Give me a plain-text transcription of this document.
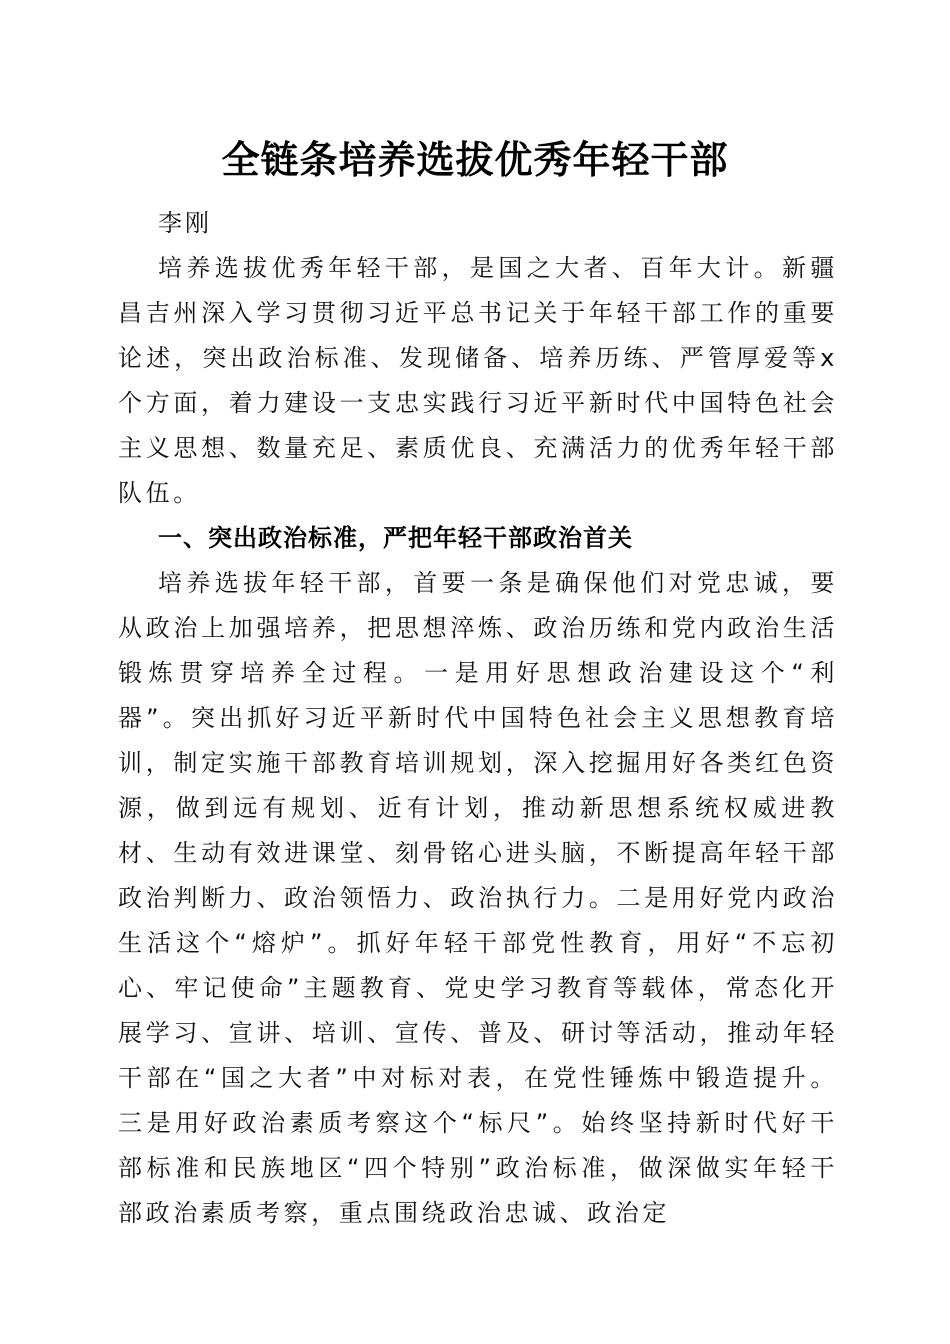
全链条培养选拔优秀年轻干部

李刚

培养选拔优秀年轻干部，是国之大者、百年大计。新疆昌吉州深入学习贯彻习近平总书记关于年轻干部工作的重要论述，突出政治标准、发现储备、培养历练、严管厚爱等x个方面，着力建设一支忠实践行习近平新时代中国特色社会主义思想、数量充足、素质优良、充满活力的优秀年轻干部队伍。

一、突出政治标准，严把年轻干部政治首关

培养选拔年轻干部，首要一条是确保他们对党忠诚，要从政治上加强培养，把思想淬炼、政治历练和党内政治生活锻炼贯穿培养全过程。一是用好思想政治建设这个“利器”。突出抓好习近平新时代中国特色社会主义思想教育培训，制定实施干部教育培训规划，深入挖掘用好各类红色资源，做到远有规划、近有计划，推动新思想系统权威进教材、生动有效进课堂、刻骨铭心进头脑，不断提高年轻干部政治判断力、政治领悟力、政治执行力。二是用好党内政治生活这个“熔炉”。抓好年轻干部党性教育，用好“不忘初心、牢记使命”主题教育、党史学习教育等载体，常态化开展学习、宣讲、培训、宣传、普及、研讨等活动，推动年轻干部在“国之大者”中对标对表，在党性锤炼中锻造提升。三是用好政治素质考察这个“标尺”。始终坚持新时代好干部标准和民族地区“四个特别”政治标准，做深做实年轻干部政治素质考察，重点围绕政治忠诚、政治定
